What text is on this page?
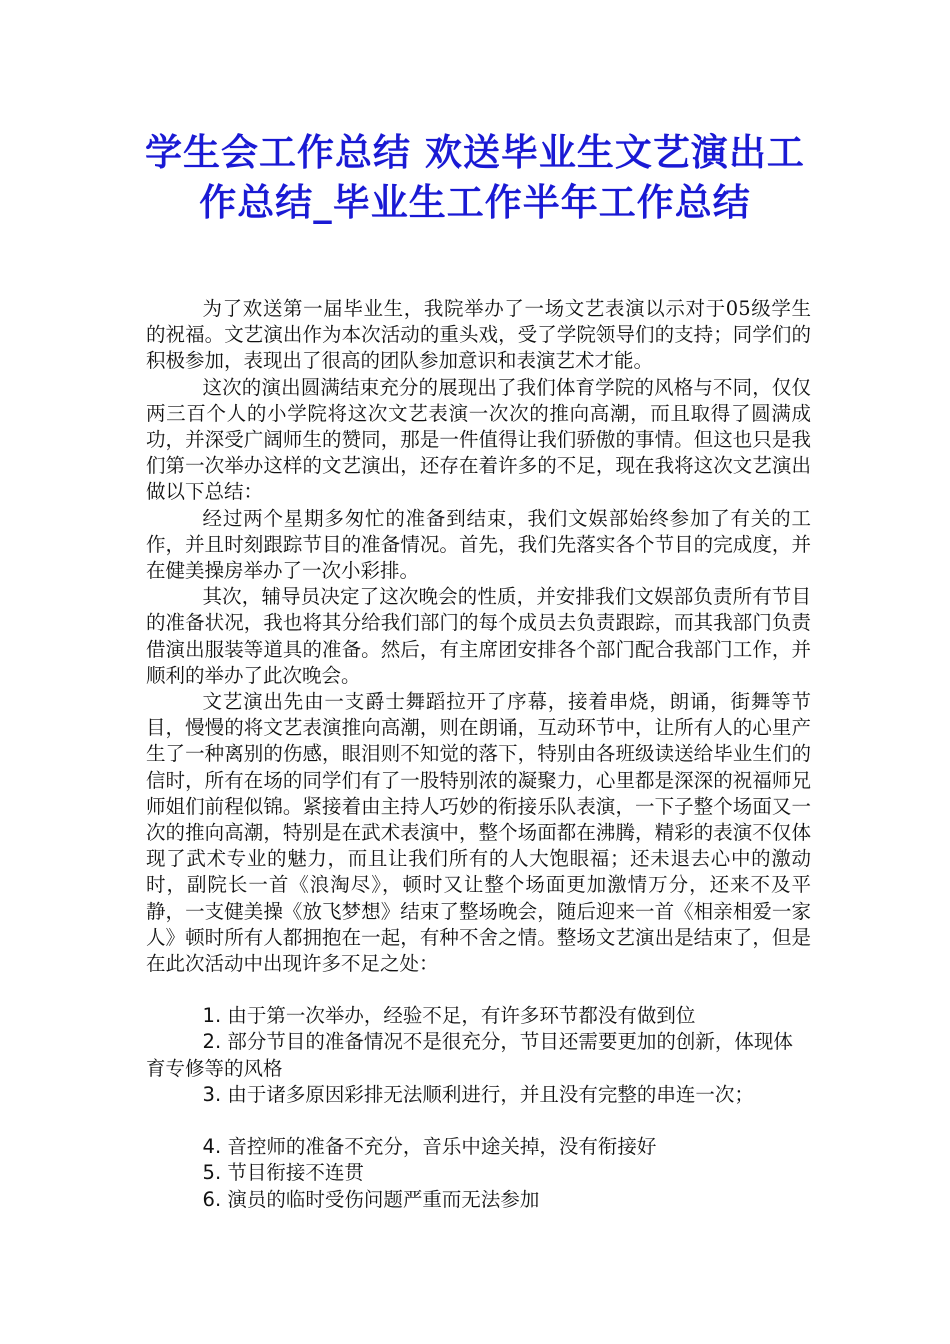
学生会工作总结 欢送毕业生文艺演出工作总结_毕业生工作半年工作总结

为了欢送第一届毕业生，我院举办了一场文艺表演以示对于05级学生的祝福。文艺演出作为本次活动的重头戏，受了学院领导们的支持；同学们的积极参加，表现出了很高的团队参加意识和表演艺术才能。

这次的演出圆满结束充分的展现出了我们体育学院的风格与不同，仅仅两三百个人的小学院将这次文艺表演一次次的推向高潮，而且取得了圆满成功，并深受广阔师生的赞同，那是一件值得让我们骄傲的事情。但这也只是我们第一次举办这样的文艺演出，还存在着许多的不足，现在我将这次文艺演出做以下总结：

经过两个星期多匆忙的准备到结束，我们文娱部始终参加了有关的工作，并且时刻跟踪节目的准备情况。首先，我们先落实各个节目的完成度，并在健美操房举办了一次小彩排。

其次，辅导员决定了这次晚会的性质，并安排我们文娱部负责所有节目的准备状况，我也将其分给我们部门的每个成员去负责跟踪，而其我部门负责借演出服装等道具的准备。然后，有主席团安排各个部门配合我部门工作，并顺利的举办了此次晚会。

文艺演出先由一支爵士舞蹈拉开了序幕，接着串烧，朗诵，街舞等节目，慢慢的将文艺表演推向高潮，则在朗诵，互动环节中，让所有人的心里产生了一种离别的伤感，眼泪则不知觉的落下，特别由各班级读送给毕业生们的信时，所有在场的同学们有了一股特别浓的凝聚力，心里都是深深的祝福师兄师姐们前程似锦。紧接着由主持人巧妙的衔接乐队表演，一下子整个场面又一次的推向高潮，特别是在武术表演中，整个场面都在沸腾，精彩的表演不仅体现了武术专业的魅力，而且让我们所有的人大饱眼福；还未退去心中的激动时，副院长一首《浪淘尽》，顿时又让整个场面更加激情万分，还来不及平静，一支健美操《放飞梦想》结束了整场晚会，随后迎来一首《相亲相爱一家人》顿时所有人都拥抱在一起，有种不舍之情。整场文艺演出是结束了，但是在此次活动中出现许多不足之处：

1. 由于第一次举办，经验不足，有许多环节都没有做到位

2. 部分节目的准备情况不是很充分，节目还需要更加的创新，体现体育专修等的风格

3. 由于诸多原因彩排无法顺利进行，并且没有完整的串连一次；

4. 音控师的准备不充分，音乐中途关掉，没有衔接好

5. 节目衔接不连贯

6. 演员的临时受伤问题严重而无法参加
